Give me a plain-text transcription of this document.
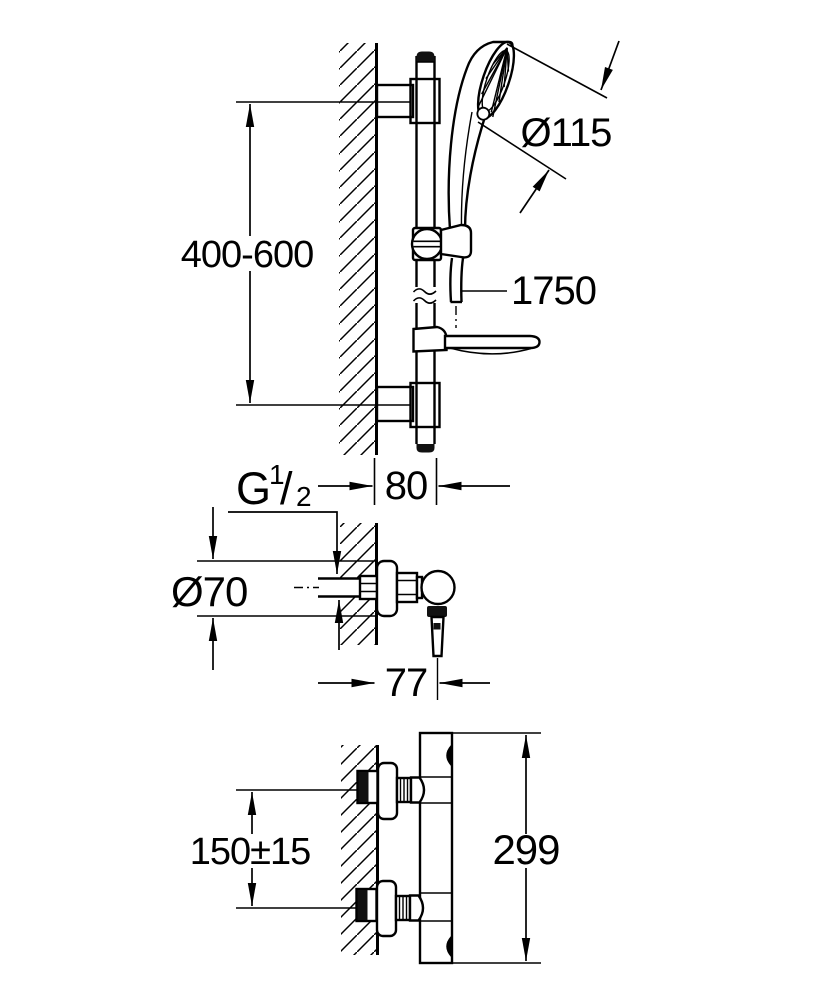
400-600
Ø115
1750
80
G
1
/ 2
Ø70
77
150±15	299
